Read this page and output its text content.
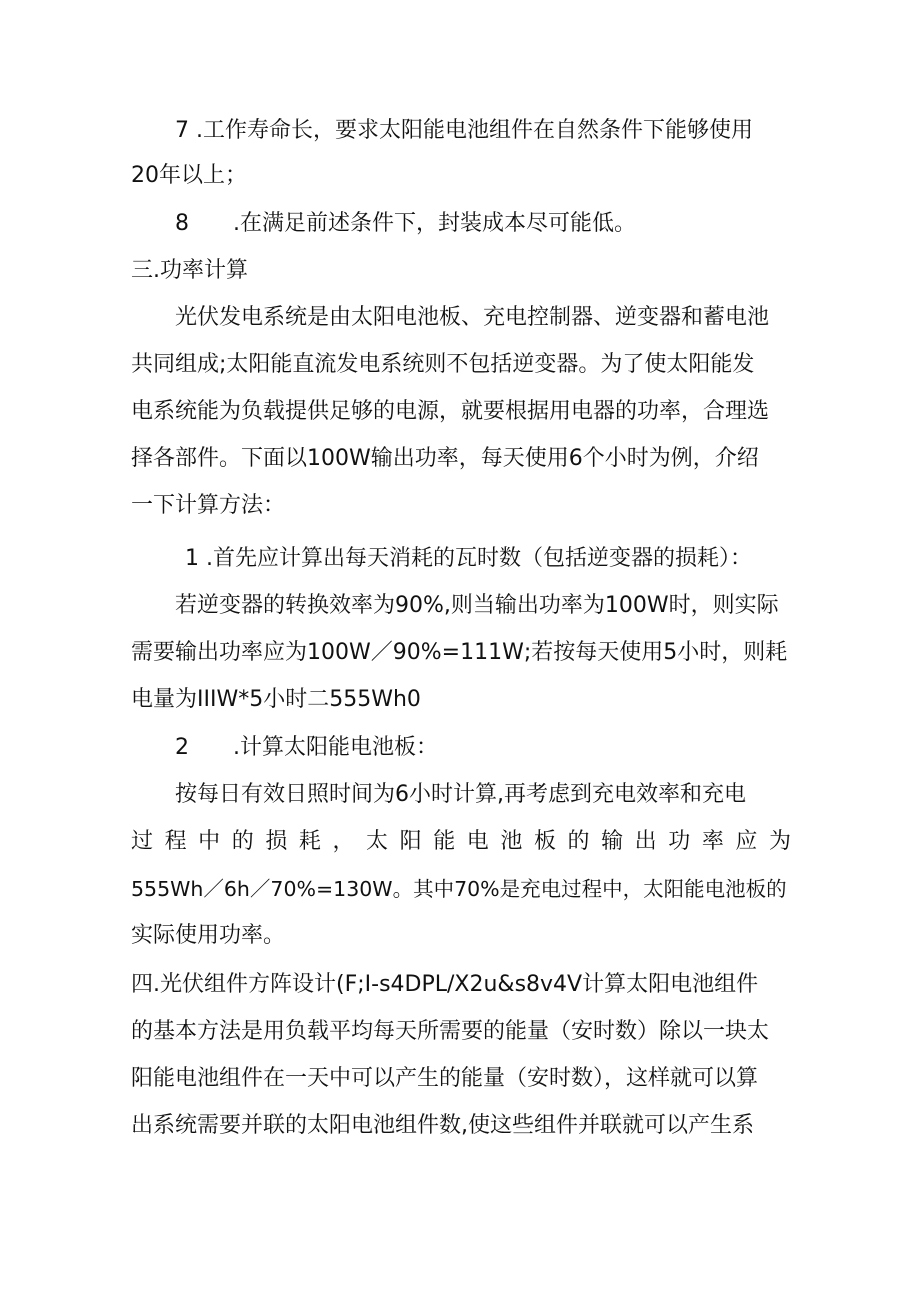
7 .工作寿命长，要求太阳能电池组件在自然条件下能够使用
20年以上；
8　　.在满足前述条件下，封装成本尽可能低。
三.功率计算
光伏发电系统是由太阳电池板、充电控制器、逆变器和蓄电池
共同组成;太阳能直流发电系统则不包括逆变器。为了使太阳能发
电系统能为负载提供足够的电源，就要根据用电器的功率，合理选
择各部件。下面以100W输出功率，每天使用6个小时为例，介绍
一下计算方法：
1 .首先应计算出每天消耗的瓦时数（包括逆变器的损耗）：
若逆变器的转换效率为90%,则当输出功率为100W时，则实际
需要输出功率应为100W／90%=111W;若按每天使用5小时，则耗
电量为IIIW*5小时二555Wh0
2　　.计算太阳能电池板：
按每日有效日照时间为6小时计算,再考虑到充电效率和充电
过 程 中 的 损 耗 ， 太 阳 能 电 池 板 的 输 出 功 率 应 为
555Wh／6h／70%=130W。其中70%是充电过程中，太阳能电池板的
实际使用功率。
四.光伏组件方阵设计(F;I-s4DPL/X2u&s8v4V计算太阳电池组件
的基本方法是用负载平均每天所需要的能量（安时数）除以一块太
阳能电池组件在一天中可以产生的能量（安时数），这样就可以算
出系统需要并联的太阳电池组件数,使这些组件并联就可以产生系
